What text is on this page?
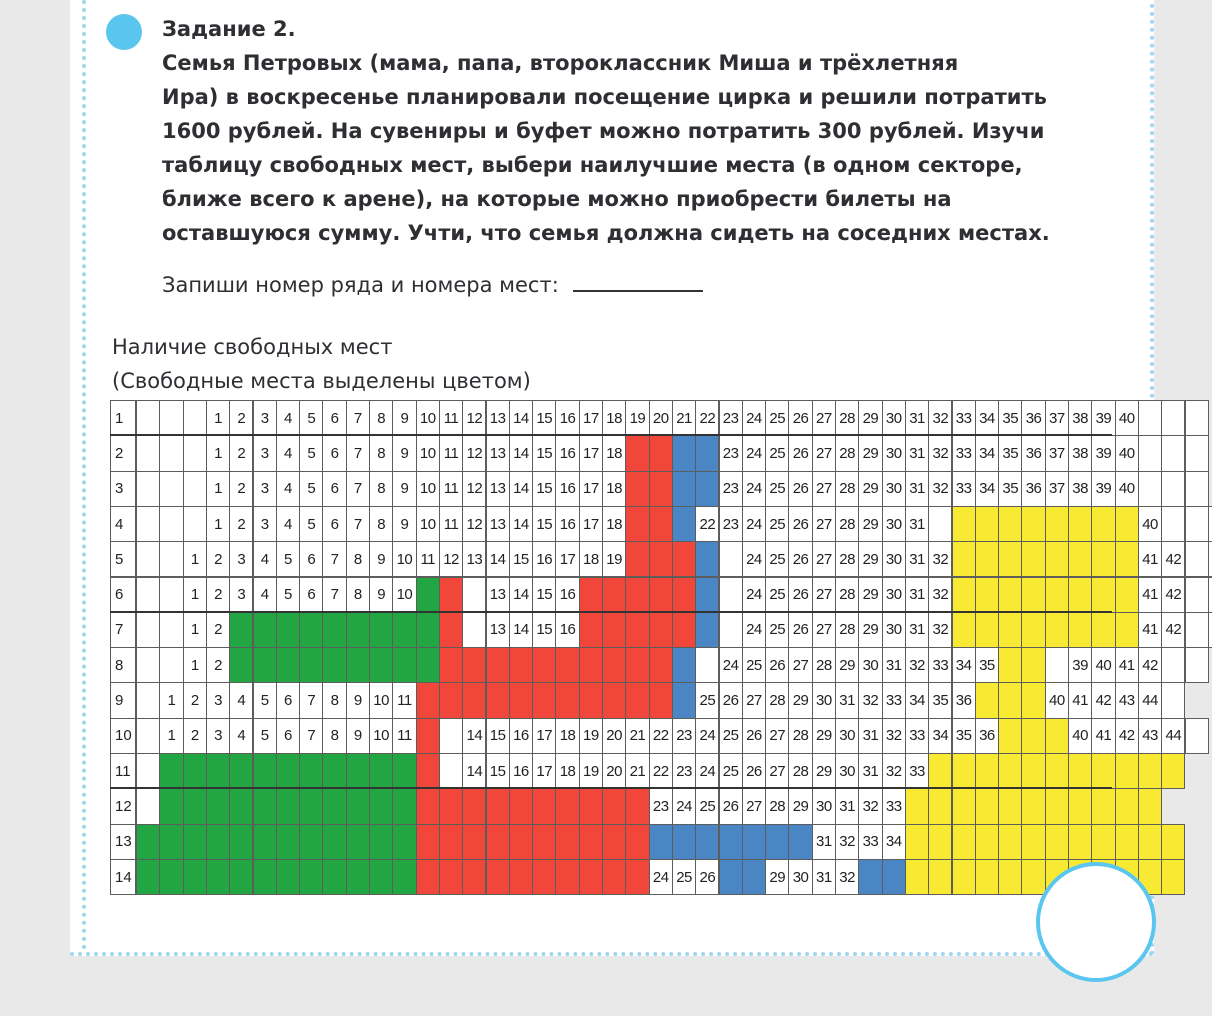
Задание 2.
Семья Петровых (мама, папа, второклассник Миша и трёхлетняя
Ира) в воскресенье планировали посещение цирка и решили потратить
1600 рублей. На сувениры и буфет можно потратить 300 рублей. Изучи
таблицу свободных мест, выбери наилучшие места (в одном секторе,
ближе всего к арене), на которые можно приобрести билеты на
оставшуюся сумму. Учти, что семья должна сидеть на соседних местах.
Запиши номер ряда и номера мест:
Наличие свободных мест
(Свободные места выделены цветом)
1	1	2	3	4	5	6	7	8	9 10 11 12 13 14 15 16 17 18 19 20 21 22 23 24 25 26 27 28 29 30 31 32 33 34 35 36 37 38 39 40
2	1	2	3	4	5	6	7	8	9 10 11 12 13 14 15 16 17 18	23 24 25 26 27 28 29 30 31 32 33 34 35 36 37 38 39 40
3	1	2	3	4	5	6	7	8	9 10 11 12 13 14 15 16 17 18	23 24 25 26 27 28 29 30 31 32 33 34 35 36 37 38 39 40
4	1	2	3	4	5	6	7	8	9 10 11 12 13 14 15 16 17 18	22 23 24 25 26 27 28 29 30 31	40
5	1	2	3	4	5	6	7	8	9 10 11 12 13 14 15 16 17 18 19	24 25 26 27 28 29 30 31 32	41 42
6	1	2	3	4	5	6	7	8	9 10	13 14 15 16	24 25 26 27 28 29 30 31 32	41 42
7	1	2	13 14 15 16	24 25 26 27 28 29 30 31 32	41 42
8	1	2	24 25 26 27 28 29 30 31 32 33 34 35	39 40 41 42
9	1	2	3	4	5	6	7	8	9 10 11	25 26 27 28 29 30 31 32 33 34 35 36	40 41 42 43 44
10	1	2	3	4	5	6	7	8	9 10 11	14 15 16 17 18 19 20 21 22 23 24 25 26 27 28 29 30 31 32 33 34 35 36	40 41 42 43 44
11	14 15 16 17 18 19 20 21 22 23 24 25 26 27 28 29 30 31 32 33
12	23 24 25 26 27 28 29 30 31 32 33
13	31 32 33 34
14	24 25 26	29 30 31 32
